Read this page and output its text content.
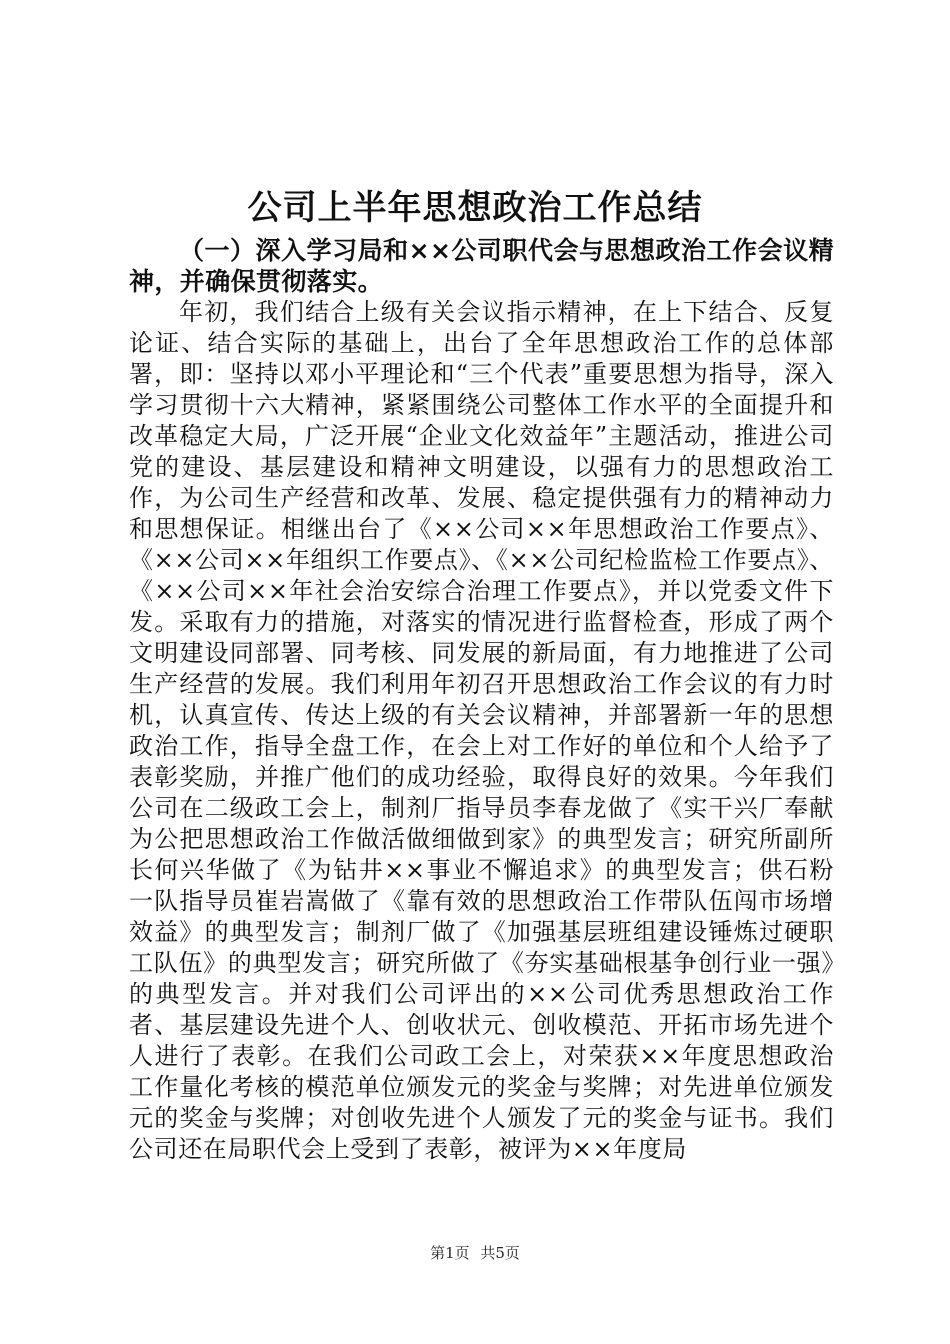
公司上半年思想政治工作总结

（一）深入学习局和××公司职代会与思想政治工作会议精神，并确保贯彻落实。

年初，我们结合上级有关会议指示精神，在上下结合、反复论证、结合实际的基础上，出台了全年思想政治工作的总体部署，即：坚持以邓小平理论和“三个代表”重要思想为指导，深入学习贯彻十六大精神，紧紧围绕公司整体工作水平的全面提升和改革稳定大局，广泛开展“企业文化效益年”主题活动，推进公司党的建设、基层建设和精神文明建设，以强有力的思想政治工作，为公司生产经营和改革、发展、稳定提供强有力的精神动力和思想保证。相继出台了《××公司××年思想政治工作要点》、《××公司××年组织工作要点》、《××公司纪检监检工作要点》、《××公司××年社会治安综合治理工作要点》，并以党委文件下发。采取有力的措施，对落实的情况进行监督检查，形成了两个文明建设同部署、同考核、同发展的新局面，有力地推进了公司生产经营的发展。我们利用年初召开思想政治工作会议的有力时机，认真宣传、传达上级的有关会议精神，并部署新一年的思想政治工作，指导全盘工作，在会上对工作好的单位和个人给予了表彰奖励，并推广他们的成功经验，取得良好的效果。今年我们公司在二级政工会上，制剂厂指导员李春龙做了《实干兴厂奉献为公把思想政治工作做活做细做到家》的典型发言；研究所副所长何兴华做了《为钻井××事业不懈追求》的典型发言；供石粉一队指导员崔岩嵩做了《靠有效的思想政治工作带队伍闯市场增效益》的典型发言；制剂厂做了《加强基层班组建设锤炼过硬职工队伍》的典型发言；研究所做了《夯实基础根基争创行业一强》的典型发言。并对我们公司评出的××公司优秀思想政治工作者、基层建设先进个人、创收状元、创收模范、开拓市场先进个人进行了表彰。在我们公司政工会上，对荣获××年度思想政治工作量化考核的模范单位颁发元的奖金与奖牌；对先进单位颁发元的奖金与奖牌；对创收先进个人颁发了元的奖金与证书。我们公司还在局职代会上受到了表彰，被评为××年度局

第1页 共5页
